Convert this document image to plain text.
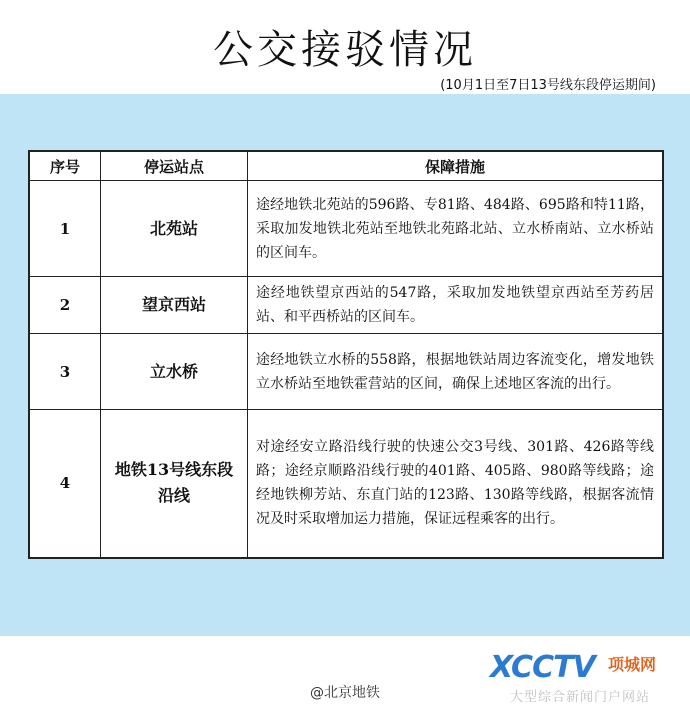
公交接驳情况
(10月1日至7日13号线东段停运期间)
序号	停运站点	保障措施
1	北苑站	途经地铁北苑站的596路、专81路、484路、695路和特11路，采取加发地铁北苑站至地铁北苑路北站、立水桥南站、立水桥站的区间车。
2	望京西站	途经地铁望京西站的547路，采取加发地铁望京西站至芳药居站、和平西桥站的区间车。
3	立水桥	途经地铁立水桥的558路，根据地铁站周边客流变化，增发地铁立水桥站至地铁霍营站的区间，确保上述地区客流的出行。
4	地铁13号线东段沿线	对途经安立路沿线行驶的快速公交3号线、301路、426路等线路；途经京顺路沿线行驶的401路、405路、980路等线路；途经地铁柳芳站、东直门站的123路、130路等线路，根据客流情况及时采取增加运力措施，保证远程乘客的出行。
@北京地铁
XCCTV 项城网
大型综合新闻门户网站
